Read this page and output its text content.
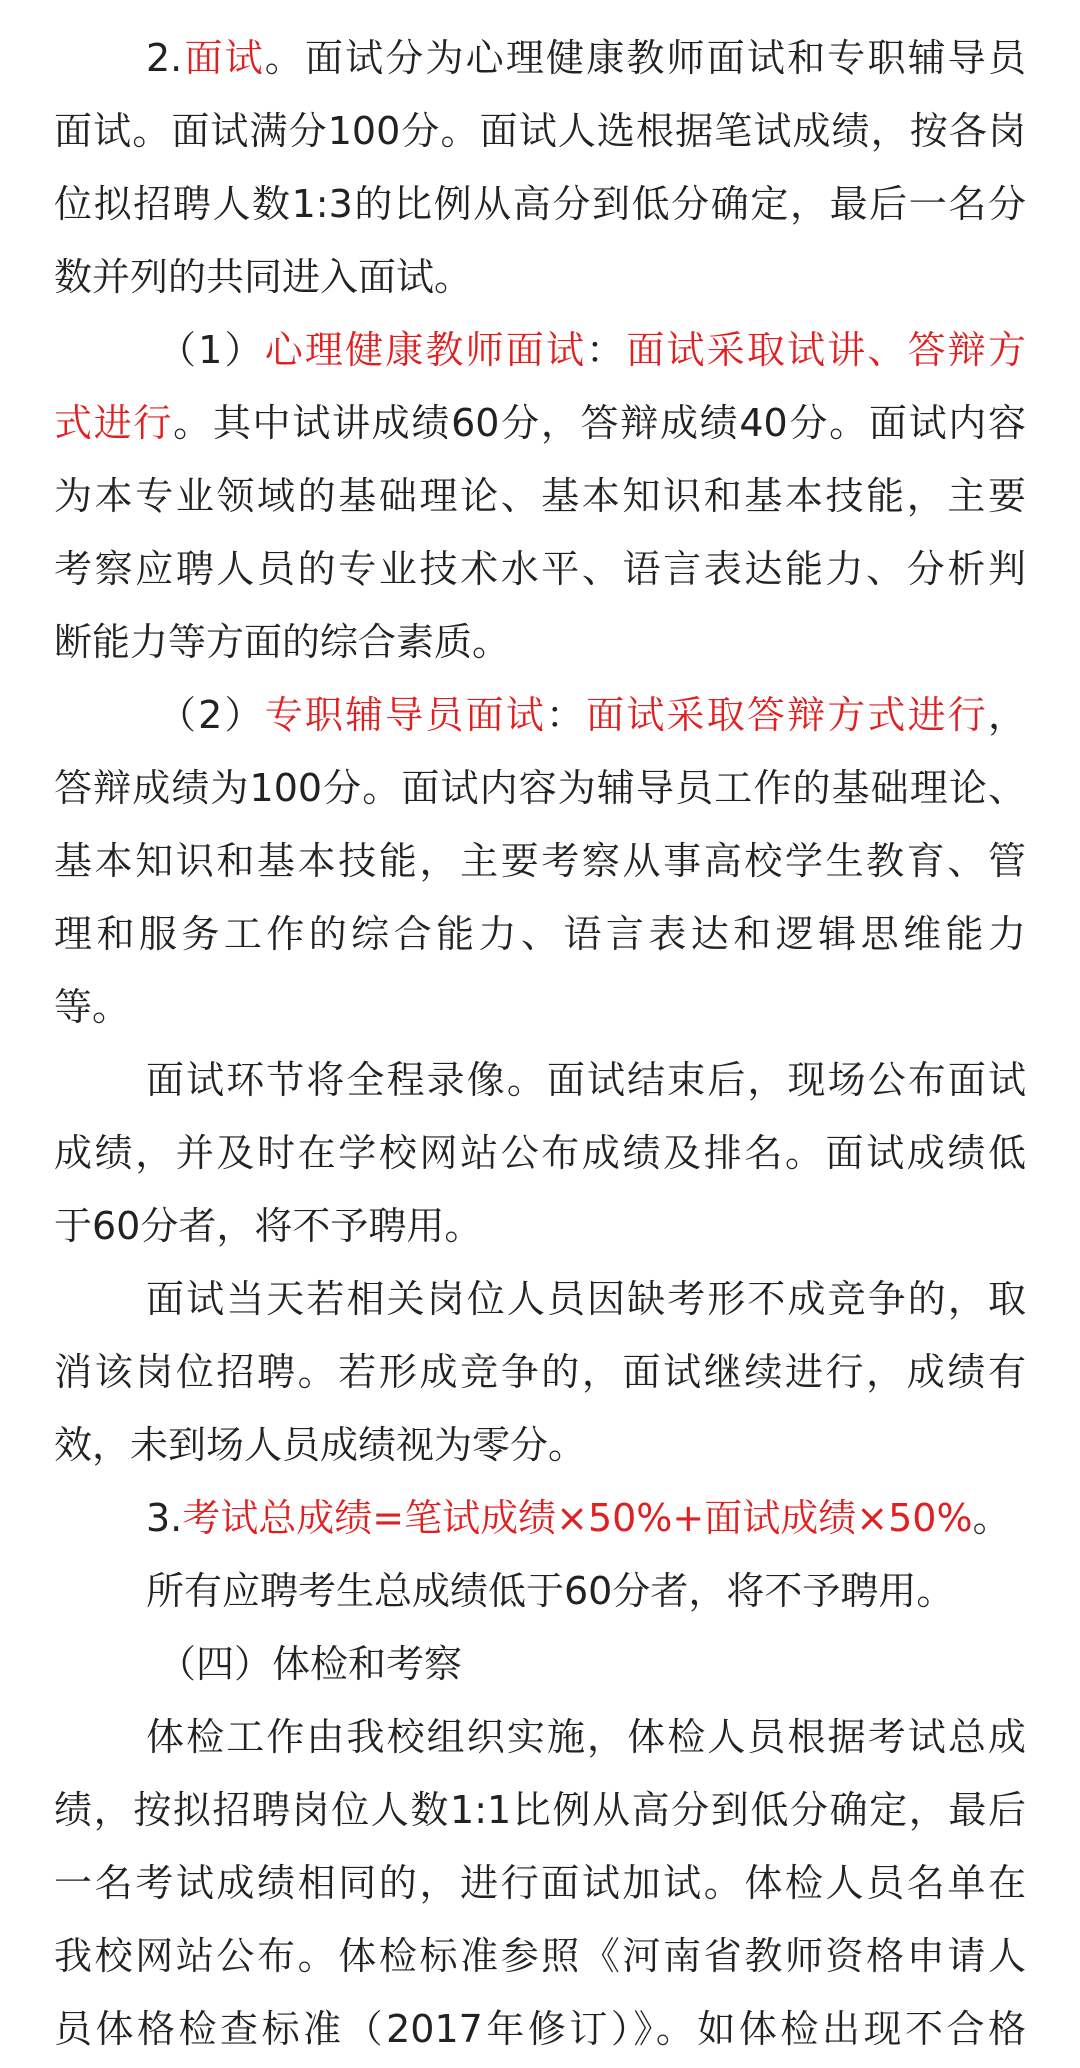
2.面试。面试分为心理健康教师面试和专职辅导员
面试。面试满分100分。面试人选根据笔试成绩，按各岗
位拟招聘人数1:3的比例从高分到低分确定，最后一名分
数并列的共同进入面试。
（1）心理健康教师面试：面试采取试讲、答辩方
式进行。其中试讲成绩60分，答辩成绩40分。面试内容
为本专业领域的基础理论、基本知识和基本技能，主要
考察应聘人员的专业技术水平、语言表达能力、分析判
断能力等方面的综合素质。
（2）专职辅导员面试：面试采取答辩方式进行，
答辩成绩为100分。面试内容为辅导员工作的基础理论、
基本知识和基本技能，主要考察从事高校学生教育、管
理和服务工作的综合能力、语言表达和逻辑思维能力
等。
面试环节将全程录像。面试结束后，现场公布面试
成绩，并及时在学校网站公布成绩及排名。面试成绩低
于60分者，将不予聘用。
面试当天若相关岗位人员因缺考形不成竞争的，取
消该岗位招聘。若形成竞争的，面试继续进行，成绩有
效，未到场人员成绩视为零分。
3.考试总成绩=笔试成绩×50%+面试成绩×50%。
所有应聘考生总成绩低于60分者，将不予聘用。
（四）体检和考察
体检工作由我校组织实施，体检人员根据考试总成
绩，按拟招聘岗位人数1:1比例从高分到低分确定，最后
一名考试成绩相同的，进行面试加试。体检人员名单在
我校网站公布。体检标准参照《河南省教师资格申请人
员体格检查标准（2017年修订）》。如体检出现不合格
